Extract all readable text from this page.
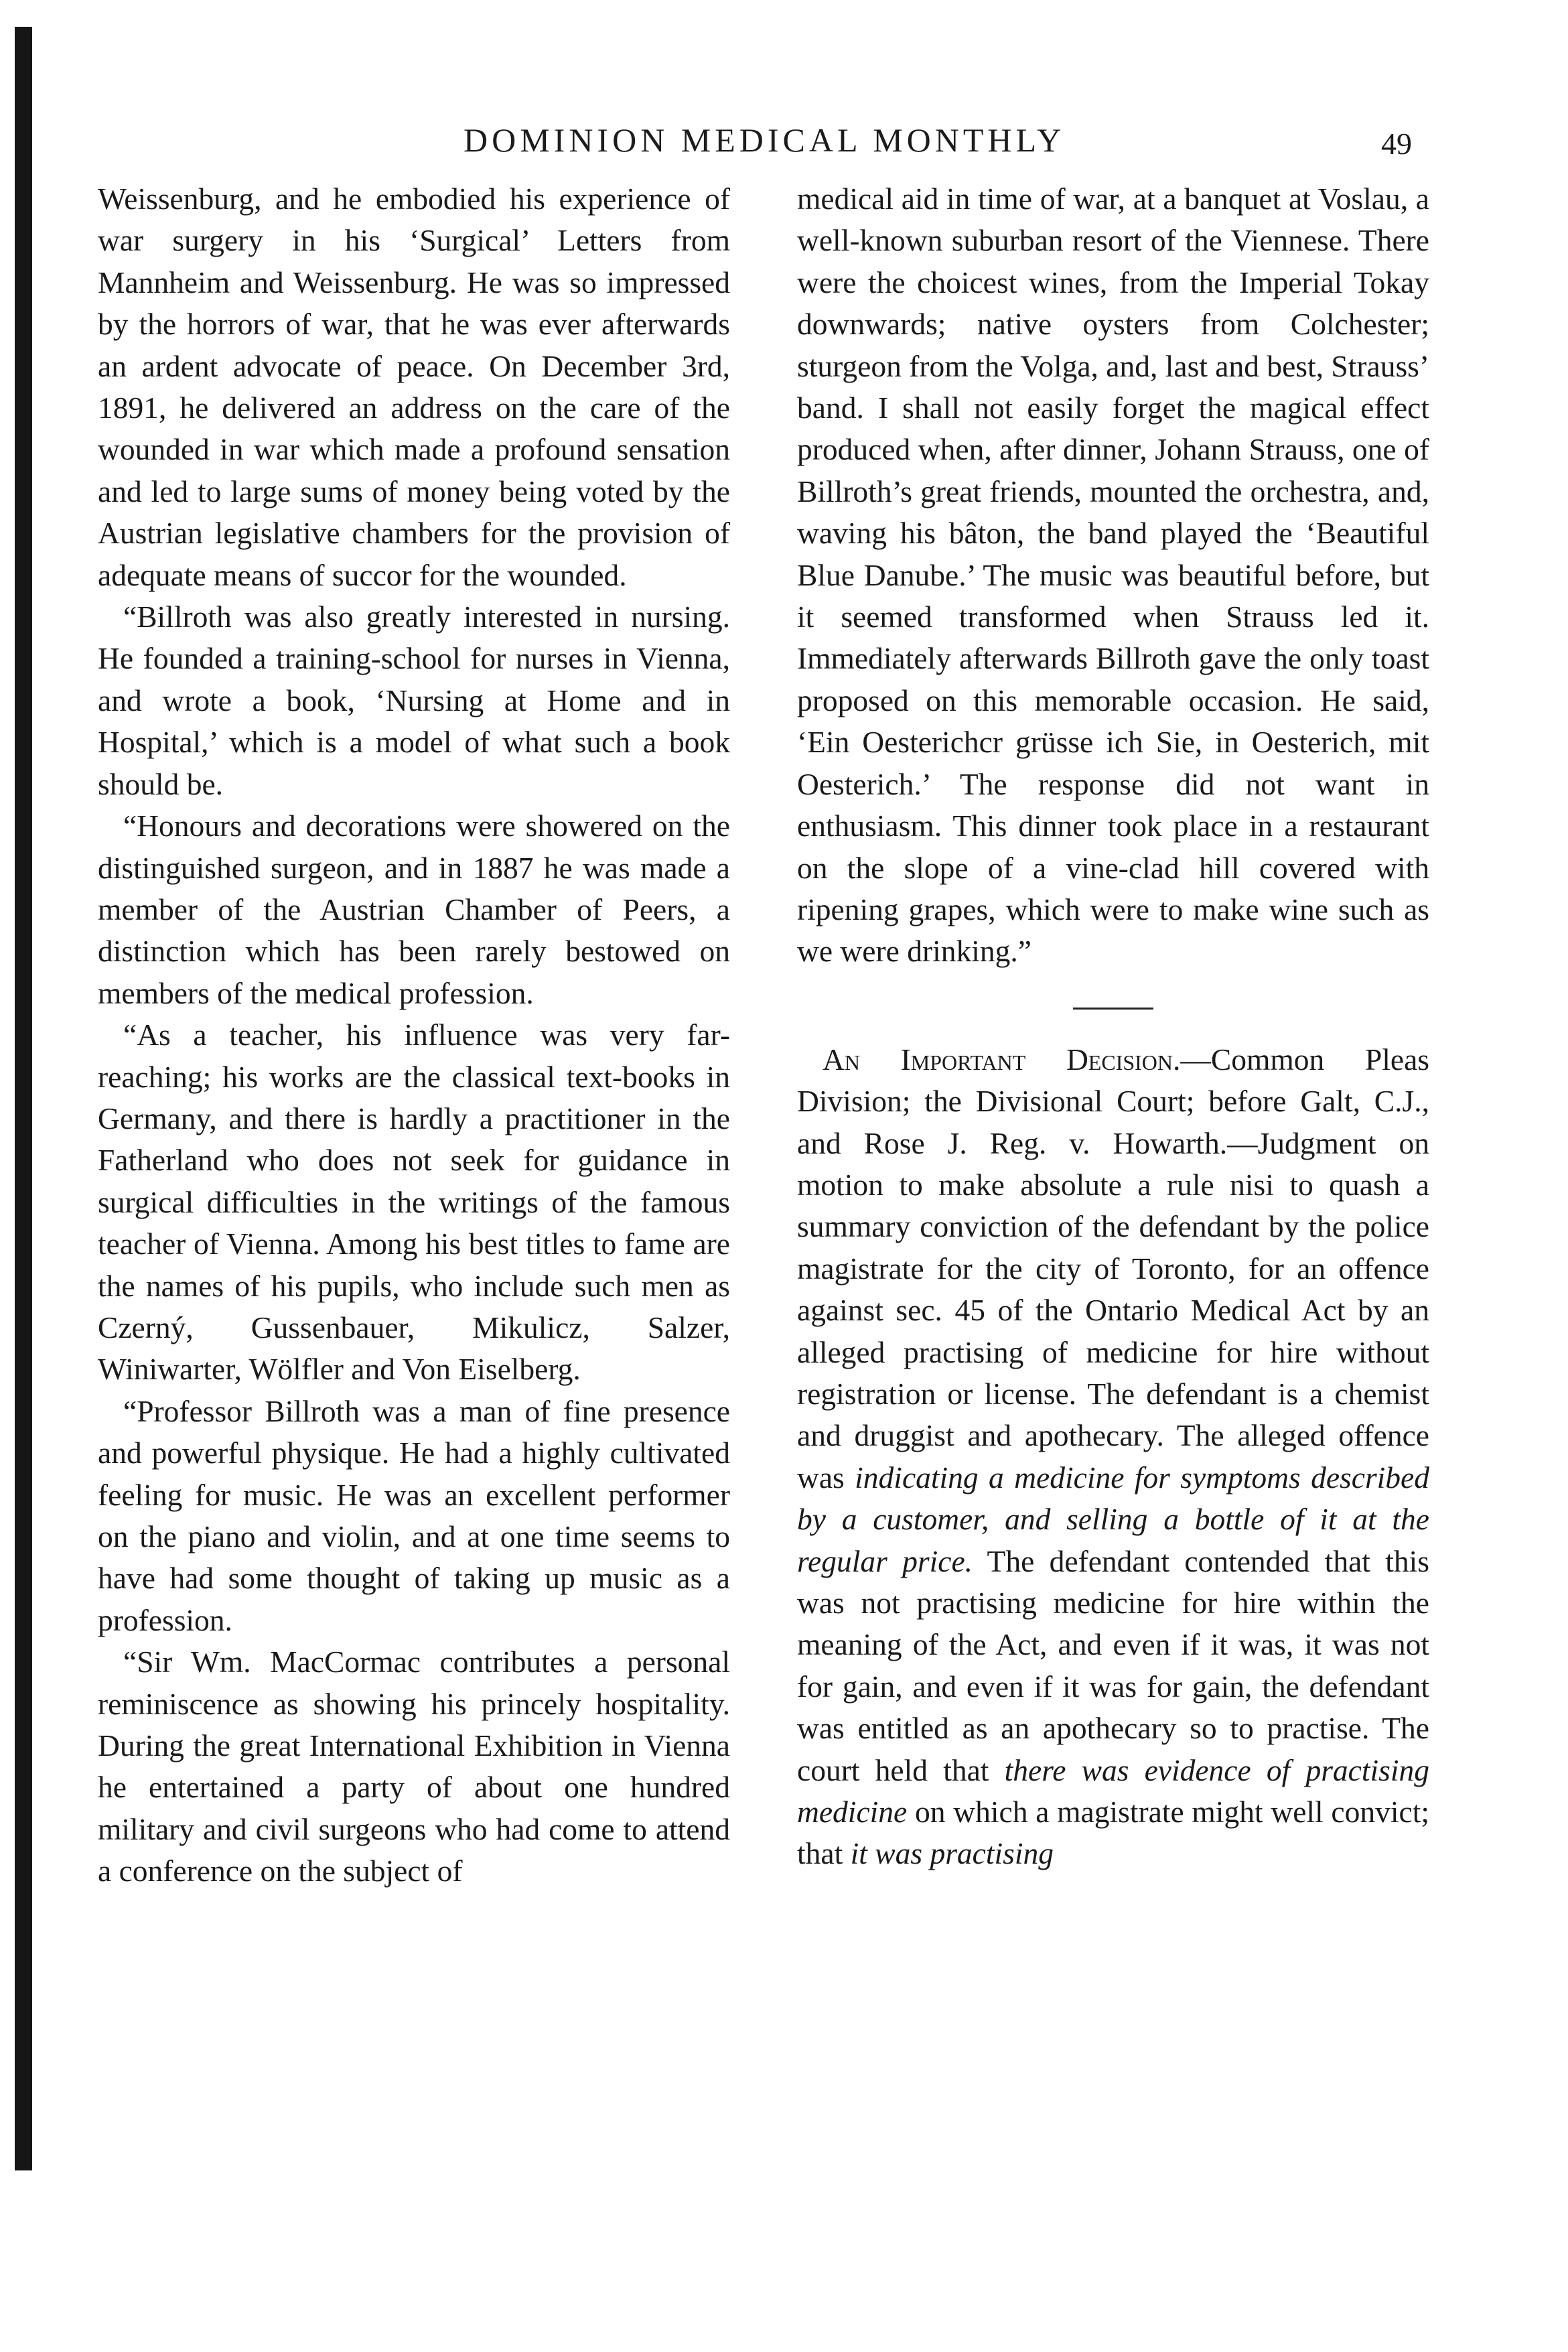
DOMINION MEDICAL MONTHLY	49

Weissenburg, and he embodied his experience of war surgery in his ‘Surgical’ Letters from Mannheim and Weissenburg. He was so impressed by the horrors of war, that he was ever afterwards an ardent advocate of peace. On December 3rd, 1891, he delivered an address on the care of the wounded in war which made a profound sensation and led to large sums of money being voted by the Austrian legislative chambers for the provision of adequate means of succor for the wounded.

“Billroth was also greatly interested in nursing. He founded a training-school for nurses in Vienna, and wrote a book, ‘Nursing at Home and in Hospital,’ which is a model of what such a book should be.

“Honours and decorations were showered on the distinguished surgeon, and in 1887 he was made a member of the Austrian Chamber of Peers, a distinction which has been rarely bestowed on members of the medical profession.

“As a teacher, his influence was very far-reaching; his works are the classical text-books in Germany, and there is hardly a practitioner in the Fatherland who does not seek for guidance in surgical difficulties in the writings of the famous teacher of Vienna. Among his best titles to fame are the names of his pupils, who include such men as Czerný, Gussenbauer, Mikulicz, Salzer, Winiwarter, Wölfler and Von Eiselberg.

“Professor Billroth was a man of fine presence and powerful physique. He had a highly cultivated feeling for music. He was an excellent performer on the piano and violin, and at one time seems to have had some thought of taking up music as a profession.

“Sir Wm. MacCormac contributes a personal reminiscence as showing his princely hospitality. During the great International Exhibition in Vienna he entertained a party of about one hundred military and civil surgeons who had come to attend a conference on the subject of

medical aid in time of war, at a banquet at Voslau, a well-known suburban resort of the Viennese. There were the choicest wines, from the Imperial Tokay downwards; native oysters from Colchester; sturgeon from the Volga, and, last and best, Strauss’ band. I shall not easily forget the magical effect produced when, after dinner, Johann Strauss, one of Billroth’s great friends, mounted the orchestra, and, waving his bâton, the band played the ‘Beautiful Blue Danube.’ The music was beautiful before, but it seemed transformed when Strauss led it. Immediately afterwards Billroth gave the only toast proposed on this memorable occasion. He said, ‘Ein Oesterichcr grüsse ich Sie, in Oesterich, mit Oesterich.’ The response did not want in enthusiasm. This dinner took place in a restaurant on the slope of a vine-clad hill covered with ripening grapes, which were to make wine such as we were drinking.”

An Important Decision.—Common Pleas Division; the Divisional Court; before Galt, C.J., and Rose J. Reg. v. Howarth.—Judgment on motion to make absolute a rule nisi to quash a summary conviction of the defendant by the police magistrate for the city of Toronto, for an offence against sec. 45 of the Ontario Medical Act by an alleged practising of medicine for hire without registration or license. The defendant is a chemist and druggist and apothecary. The alleged offence was indicating a medicine for symptoms described by a customer, and selling a bottle of it at the regular price. The defendant contended that this was not practising medicine for hire within the meaning of the Act, and even if it was, it was not for gain, and even if it was for gain, the defendant was entitled as an apothecary so to practise. The court held that there was evidence of practising medicine on which a magistrate might well convict; that it was practising
